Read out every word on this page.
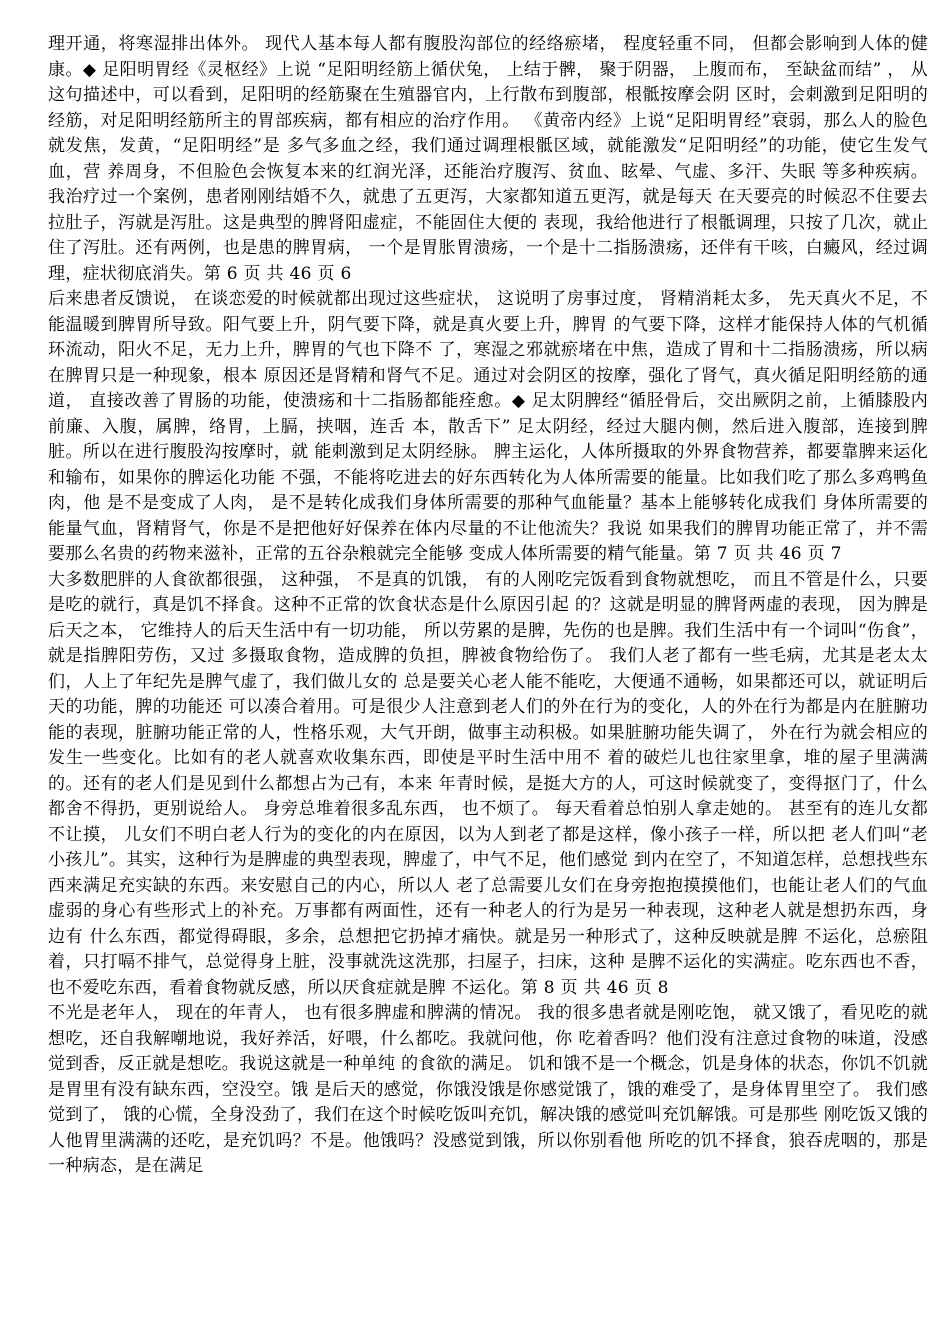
理开通，将寒湿排出体外。 现代人基本每人都有腹股沟部位的经络瘀堵， 程度轻重不同， 但都会影响到人体的健康。◆ 足阳明胃经《灵枢经》上说 “足阳明经筋上循伏兔， 上结于髀， 聚于阴器， 上腹而布， 至缺盆而结” ， 从这句描述中，可以看到，足阳明的经筋聚在生殖器官内，上行散布到腹部，根骶按摩会阴 区时，会刺激到足阳明的经筋，对足阳明经筋所主的胃部疾病，都有相应的治疗作用。 《黄帝内经》上说“足阳明胃经”衰弱，那么人的脸色就发焦，发黄，“足阳明经”是 多气多血之经，我们通过调理根骶区域，就能激发“足阳明经”的功能，使它生发气血，营 养周身，不但脸色会恢复本来的红润光泽，还能治疗腹泻、贫血、眩晕、气虚、多汗、失眠 等多种疾病。 我治疗过一个案例，患者刚刚结婚不久，就患了五更泻，大家都知道五更泻，就是每天 在天要亮的时候忍不住要去拉肚子，泻就是泻肚。这是典型的脾肾阳虚症，不能固住大便的 表现，我给他进行了根骶调理，只按了几次，就止住了泻肚。还有两例，也是患的脾胃病， 一个是胃胀胃溃疡，一个是十二指肠溃疡，还伴有干咳，白癜风，经过调理，症状彻底消失。第 6 页 共 46 页 6

后来患者反馈说， 在谈恋爱的时候就都出现过这些症状， 这说明了房事过度， 肾精消耗太多， 先天真火不足，不能温暖到脾胃所导致。阳气要上升，阴气要下降，就是真火要上升，脾胃 的气要下降，这样才能保持人体的气机循环流动，阳火不足，无力上升，脾胃的气也下降不 了，寒湿之邪就瘀堵在中焦，造成了胃和十二指肠溃疡，所以病在脾胃只是一种现象，根本 原因还是肾精和肾气不足。通过对会阴区的按摩，强化了肾气，真火循足阳明经筋的通道， 直接改善了胃肠的功能，使溃疡和十二指肠都能痊愈。◆ 足太阴脾经“循胫骨后，交出厥阴之前，上循膝股内前廉、入腹，属脾，络胃，上膈，挟咽，连舌 本，散舌下” 足太阴经，经过大腿内侧，然后进入腹部，连接到脾脏。所以在进行腹股沟按摩时，就 能刺激到足太阴经脉。 脾主运化，人体所摄取的外界食物营养，都要靠脾来运化和输布，如果你的脾运化功能 不强，不能将吃进去的好东西转化为人体所需要的能量。比如我们吃了那么多鸡鸭鱼肉，他 是不是变成了人肉， 是不是转化成我们身体所需要的那种气血能量？基本上能够转化成我们 身体所需要的能量气血，肾精肾气，你是不是把他好好保养在体内尽量的不让他流失？我说 如果我们的脾胃功能正常了，并不需要那么名贵的药物来滋补，正常的五谷杂粮就完全能够 变成人体所需要的精气能量。第 7 页 共 46 页 7

大多数肥胖的人食欲都很强， 这种强， 不是真的饥饿， 有的人刚吃完饭看到食物就想吃， 而且不管是什么，只要是吃的就行，真是饥不择食。这种不正常的饮食状态是什么原因引起 的？这就是明显的脾肾两虚的表现， 因为脾是后天之本， 它维持人的后天生活中有一切功能， 所以劳累的是脾，先伤的也是脾。我们生活中有一个词叫“伤食”，就是指脾阳劳伤，又过 多摄取食物，造成脾的负担，脾被食物给伤了。 我们人老了都有一些毛病，尤其是老太太们，人上了年纪先是脾气虚了，我们做儿女的 总是要关心老人能不能吃，大便通不通畅，如果都还可以，就证明后天的功能，脾的功能还 可以凑合着用。可是很少人注意到老人们的外在行为的变化，人的外在行为都是内在脏腑功 能的表现，脏腑功能正常的人，性格乐观，大气开朗，做事主动积极。如果脏腑功能失调了， 外在行为就会相应的发生一些变化。比如有的老人就喜欢收集东西，即使是平时生活中用不 着的破烂儿也往家里拿，堆的屋子里满满的。还有的老人们是见到什么都想占为己有，本来 年青时候，是挺大方的人，可这时候就变了，变得抠门了，什么都舍不得扔，更别说给人。 身旁总堆着很多乱东西， 也不烦了。 每天看着总怕别人拿走她的。 甚至有的连儿女都不让摸， 儿女们不明白老人行为的变化的内在原因，以为人到老了都是这样，像小孩子一样，所以把 老人们叫“老小孩儿”。其实，这种行为是脾虚的典型表现，脾虚了，中气不足，他们感觉 到内在空了，不知道怎样，总想找些东西来满足充实缺的东西。来安慰自己的内心，所以人 老了总需要儿女们在身旁抱抱摸摸他们，也能让老人们的气血虚弱的身心有些形式上的补充。万事都有两面性，还有一种老人的行为是另一种表现，这种老人就是想扔东西，身边有 什么东西，都觉得碍眼，多余，总想把它扔掉才痛快。就是另一种形式了，这种反映就是脾 不运化，总瘀阻着，只打嗝不排气，总觉得身上脏，没事就洗这洗那，扫屋子，扫床，这种 是脾不运化的实满症。吃东西也不香，也不爱吃东西，看着食物就反感，所以厌食症就是脾 不运化。第 8 页 共 46 页 8

不光是老年人， 现在的年青人， 也有很多脾虚和脾满的情况。 我的很多患者就是刚吃饱， 就又饿了，看见吃的就想吃，还自我解嘲地说，我好养活，好喂，什么都吃。我就问他，你 吃着香吗？他们没有注意过食物的味道，没感觉到香，反正就是想吃。我说这就是一种单纯 的食欲的满足。 饥和饿不是一个概念，饥是身体的状态，你饥不饥就是胃里有没有缺东西，空没空。饿 是后天的感觉，你饿没饿是你感觉饿了，饿的难受了，是身体胃里空了。 我们感觉到了， 饿的心慌，全身没劲了，我们在这个时候吃饭叫充饥，解决饿的感觉叫充饥解饿。可是那些 刚吃饭又饿的人他胃里满满的还吃，是充饥吗？不是。他饿吗？没感觉到饿，所以你别看他 所吃的饥不择食，狼吞虎咽的，那是一种病态，是在满足
